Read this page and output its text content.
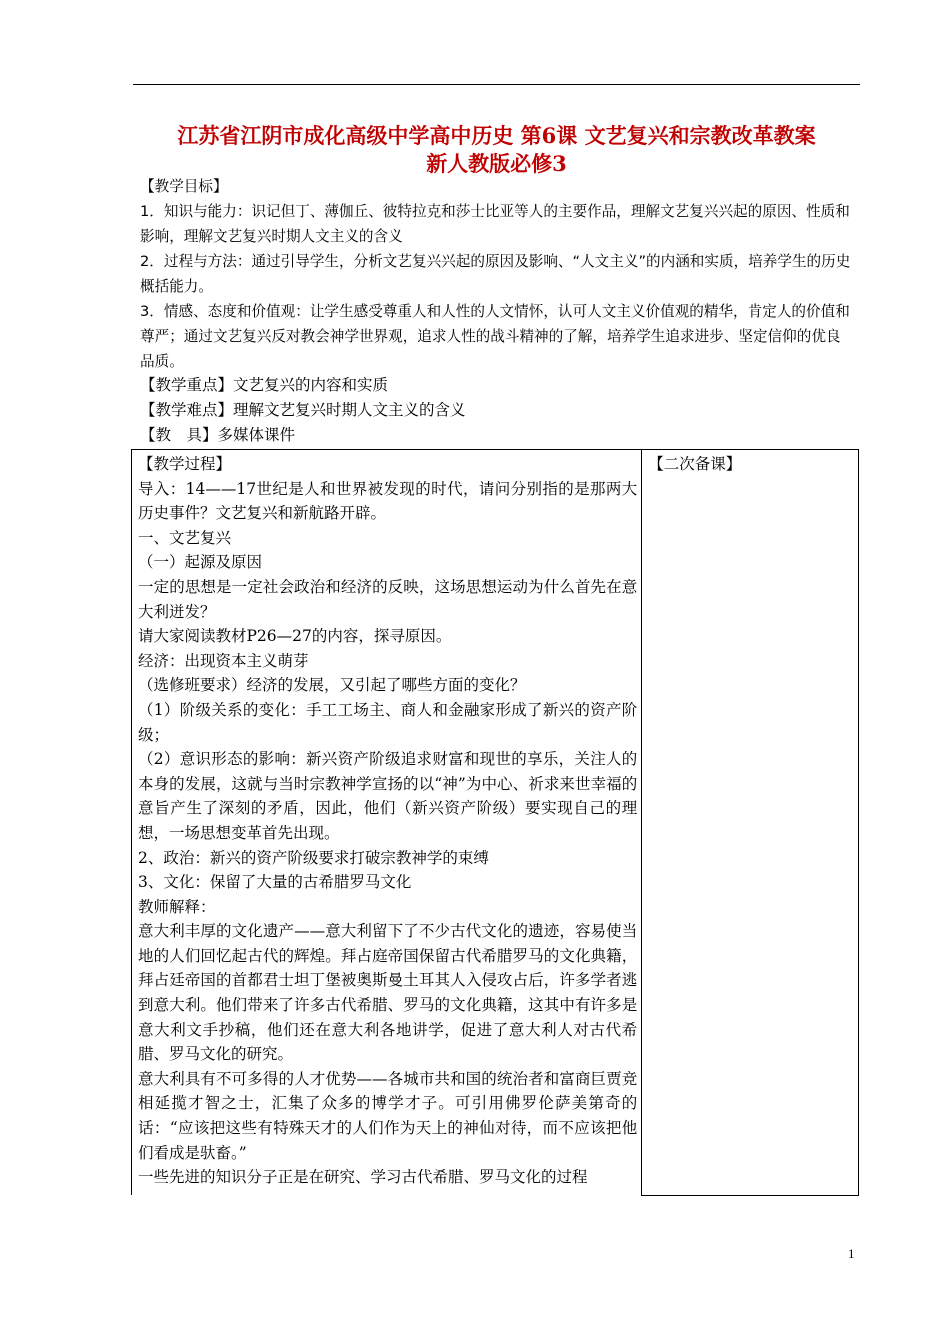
江苏省江阴市成化高级中学高中历史 第6课 文艺复兴和宗教改革教案
新人教版必修3

【教学目标】

1．知识与能力：识记但丁、薄伽丘、彼特拉克和莎士比亚等人的主要作品，理解文艺复兴兴起的原因、性质和影响，理解文艺复兴时期人文主义的含义

2．过程与方法：通过引导学生，分析文艺复兴兴起的原因及影响、“人文主义”的内涵和实质，培养学生的历史概括能力。

3．情感、态度和价值观：让学生感受尊重人和人性的人文情怀，认可人文主义价值观的精华，肯定人的价值和尊严；通过文艺复兴反对教会神学世界观，追求人性的战斗精神的了解，培养学生追求进步、坚定信仰的优良品质。

【教学重点】文艺复兴的内容和实质

【教学难点】理解文艺复兴时期人文主义的含义

【教　具】多媒体课件

【教学过程】

导入：14——17世纪是人和世界被发现的时代，请问分别指的是那两大历史事件？文艺复兴和新航路开辟。

一、文艺复兴

（一）起源及原因

一定的思想是一定社会政治和经济的反映，这场思想运动为什么首先在意大利迸发？

请大家阅读教材P26—27的内容，探寻原因。

经济：出现资本主义萌芽

（选修班要求）经济的发展，又引起了哪些方面的变化？

（1）阶级关系的变化：手工工场主、商人和金融家形成了新兴的资产阶级；

（2）意识形态的影响：新兴资产阶级追求财富和现世的享乐，关注人的本身的发展，这就与当时宗教神学宣扬的以“神”为中心、祈求来世幸福的意旨产生了深刻的矛盾，因此，他们（新兴资产阶级）要实现自己的理想，一场思想变革首先出现。

2、政治：新兴的资产阶级要求打破宗教神学的束缚

3、文化：保留了大量的古希腊罗马文化

教师解释：

意大利丰厚的文化遗产——意大利留下了不少古代文化的遗迹，容易使当地的人们回忆起古代的辉煌。拜占庭帝国保留古代希腊罗马的文化典籍，拜占廷帝国的首都君士坦丁堡被奥斯曼土耳其人入侵攻占后，许多学者逃到意大利。他们带来了许多古代希腊、罗马的文化典籍，这其中有许多是意大利文手抄稿，他们还在意大利各地讲学，促进了意大利人对古代希腊、罗马文化的研究。

意大利具有不可多得的人才优势——各城市共和国的统治者和富商巨贾竞相延揽才智之士，汇集了众多的博学才子。可引用佛罗伦萨美第奇的话：“应该把这些有特殊天才的人们作为天上的神仙对待，而不应该把他们看成是驮畜。”

一些先进的知识分子正是在研究、学习古代希腊、罗马文化的过程

【二次备课】
1
